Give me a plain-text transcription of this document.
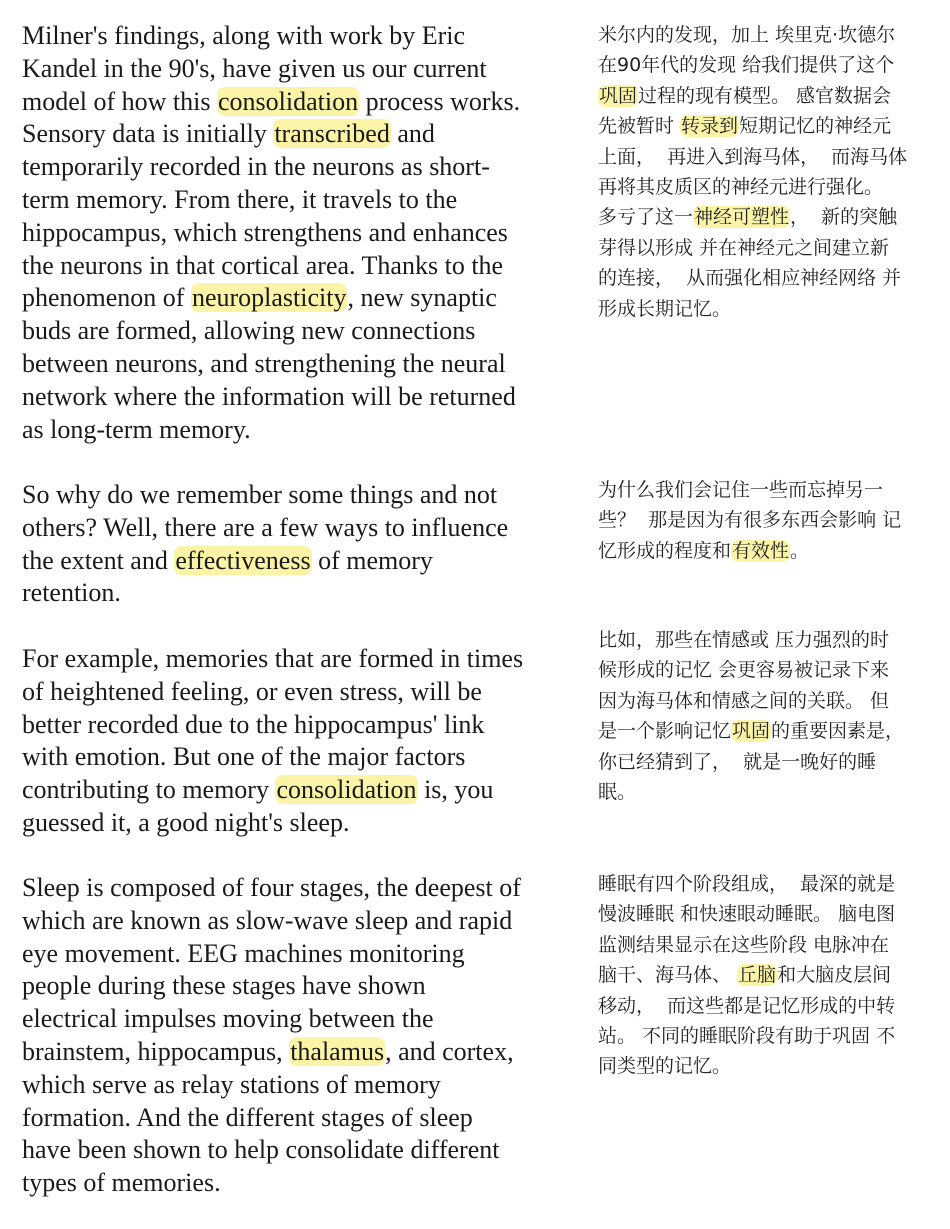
Milner's findings, along with work by Eric
Kandel in the 90's, have given us our current
model of how this consolidation process works.
Sensory data is initially transcribed and
temporarily recorded in the neurons as short-
term memory. From there, it travels to the
hippocampus, which strengthens and enhances
the neurons in that cortical area. Thanks to the
phenomenon of neuroplasticity, new synaptic
buds are formed, allowing new connections
between neurons, and strengthening the neural
network where the information will be returned
as long-term memory.
So why do we remember some things and not
others? Well, there are a few ways to influence
the extent and effectiveness of memory
retention.
For example, memories that are formed in times
of heightened feeling, or even stress, will be
better recorded due to the hippocampus' link
with emotion. But one of the major factors
contributing to memory consolidation is, you
guessed it, a good night's sleep.
Sleep is composed of four stages, the deepest of
which are known as slow-wave sleep and rapid
eye movement. EEG machines monitoring
people during these stages have shown
electrical impulses moving between the
brainstem, hippocampus, thalamus, and cortex,
which serve as relay stations of memory
formation. And the different stages of sleep
have been shown to help consolidate different
types of memories.
米尔内的发现，加上 埃里克·坎德尔
在90年代的发现 给我们提供了这个
巩固过程的现有模型。 感官数据会
先被暂时 转录到短期记忆的神经元
上面，  再进入到海马体，  而海马体
再将其皮质区的神经元进行强化。
多亏了这一神经可塑性，  新的突触
芽得以形成 并在神经元之间建立新
的连接，  从而强化相应神经网络 并
形成长期记忆。
为什么我们会记住一些而忘掉另一
些？  那是因为有很多东西会影响 记
忆形成的程度和有效性。
比如，那些在情感或 压力强烈的时
候形成的记忆 会更容易被记录下来
因为海马体和情感之间的关联。 但
是一个影响记忆巩固的重要因素是，
你已经猜到了，  就是一晚好的睡
眠。
睡眠有四个阶段组成，  最深的就是
慢波睡眠 和快速眼动睡眠。 脑电图
监测结果显示在这些阶段 电脉冲在
脑干、海马体、 丘脑和大脑皮层间
移动，  而这些都是记忆形成的中转
站。 不同的睡眠阶段有助于巩固 不
同类型的记忆。
